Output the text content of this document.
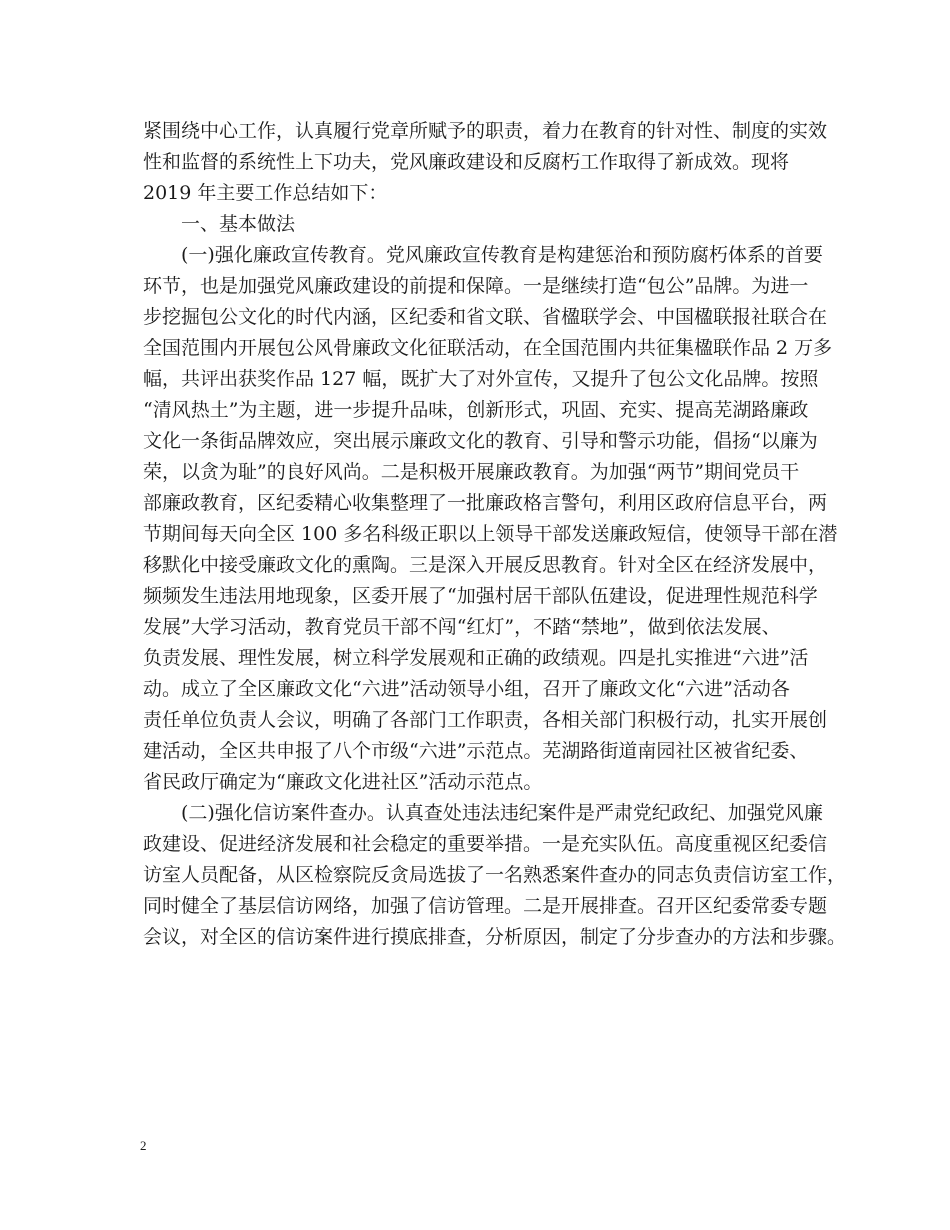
紧围绕中心工作，认真履行党章所赋予的职责，着力在教育的针对性、制度的实效
性和监督的系统性上下功夫，党风廉政建设和反腐朽工作取得了新成效。现将
2019 年主要工作总结如下：
　　一、基本做法
　　(一)强化廉政宣传教育。党风廉政宣传教育是构建惩治和预防腐朽体系的首要
环节，也是加强党风廉政建设的前提和保障。一是继续打造“包公”品牌。为进一
步挖掘包公文化的时代内涵，区纪委和省文联、省楹联学会、中国楹联报社联合在
全国范围内开展包公风骨廉政文化征联活动，在全国范围内共征集楹联作品 2 万多
幅，共评出获奖作品 127 幅，既扩大了对外宣传，又提升了包公文化品牌。按照
“清风热土”为主题，进一步提升品味，创新形式，巩固、充实、提高芜湖路廉政
文化一条街品牌效应，突出展示廉政文化的教育、引导和警示功能，倡扬“以廉为
荣，以贪为耻”的良好风尚。二是积极开展廉政教育。为加强“两节”期间党员干
部廉政教育，区纪委精心收集整理了一批廉政格言警句，利用区政府信息平台，两
节期间每天向全区 100 多名科级正职以上领导干部发送廉政短信，使领导干部在潜
移默化中接受廉政文化的熏陶。三是深入开展反思教育。针对全区在经济发展中，
频频发生违法用地现象，区委开展了“加强村居干部队伍建设，促进理性规范科学
发展”大学习活动，教育党员干部不闯“红灯”，不踏“禁地”，做到依法发展、
负责发展、理性发展，树立科学发展观和正确的政绩观。四是扎实推进“六进”活
动。成立了全区廉政文化“六进”活动领导小组，召开了廉政文化“六进”活动各
责任单位负责人会议，明确了各部门工作职责，各相关部门积极行动，扎实开展创
建活动，全区共申报了八个市级“六进”示范点。芜湖路街道南园社区被省纪委、
省民政厅确定为“廉政文化进社区”活动示范点。
　　(二)强化信访案件查办。认真查处违法违纪案件是严肃党纪政纪、加强党风廉
政建设、促进经济发展和社会稳定的重要举措。一是充实队伍。高度重视区纪委信
访室人员配备，从区检察院反贪局选拔了一名熟悉案件查办的同志负责信访室工作，
同时健全了基层信访网络，加强了信访管理。二是开展排查。召开区纪委常委专题
会议，对全区的信访案件进行摸底排查，分析原因，制定了分步查办的方法和步骤。
2
